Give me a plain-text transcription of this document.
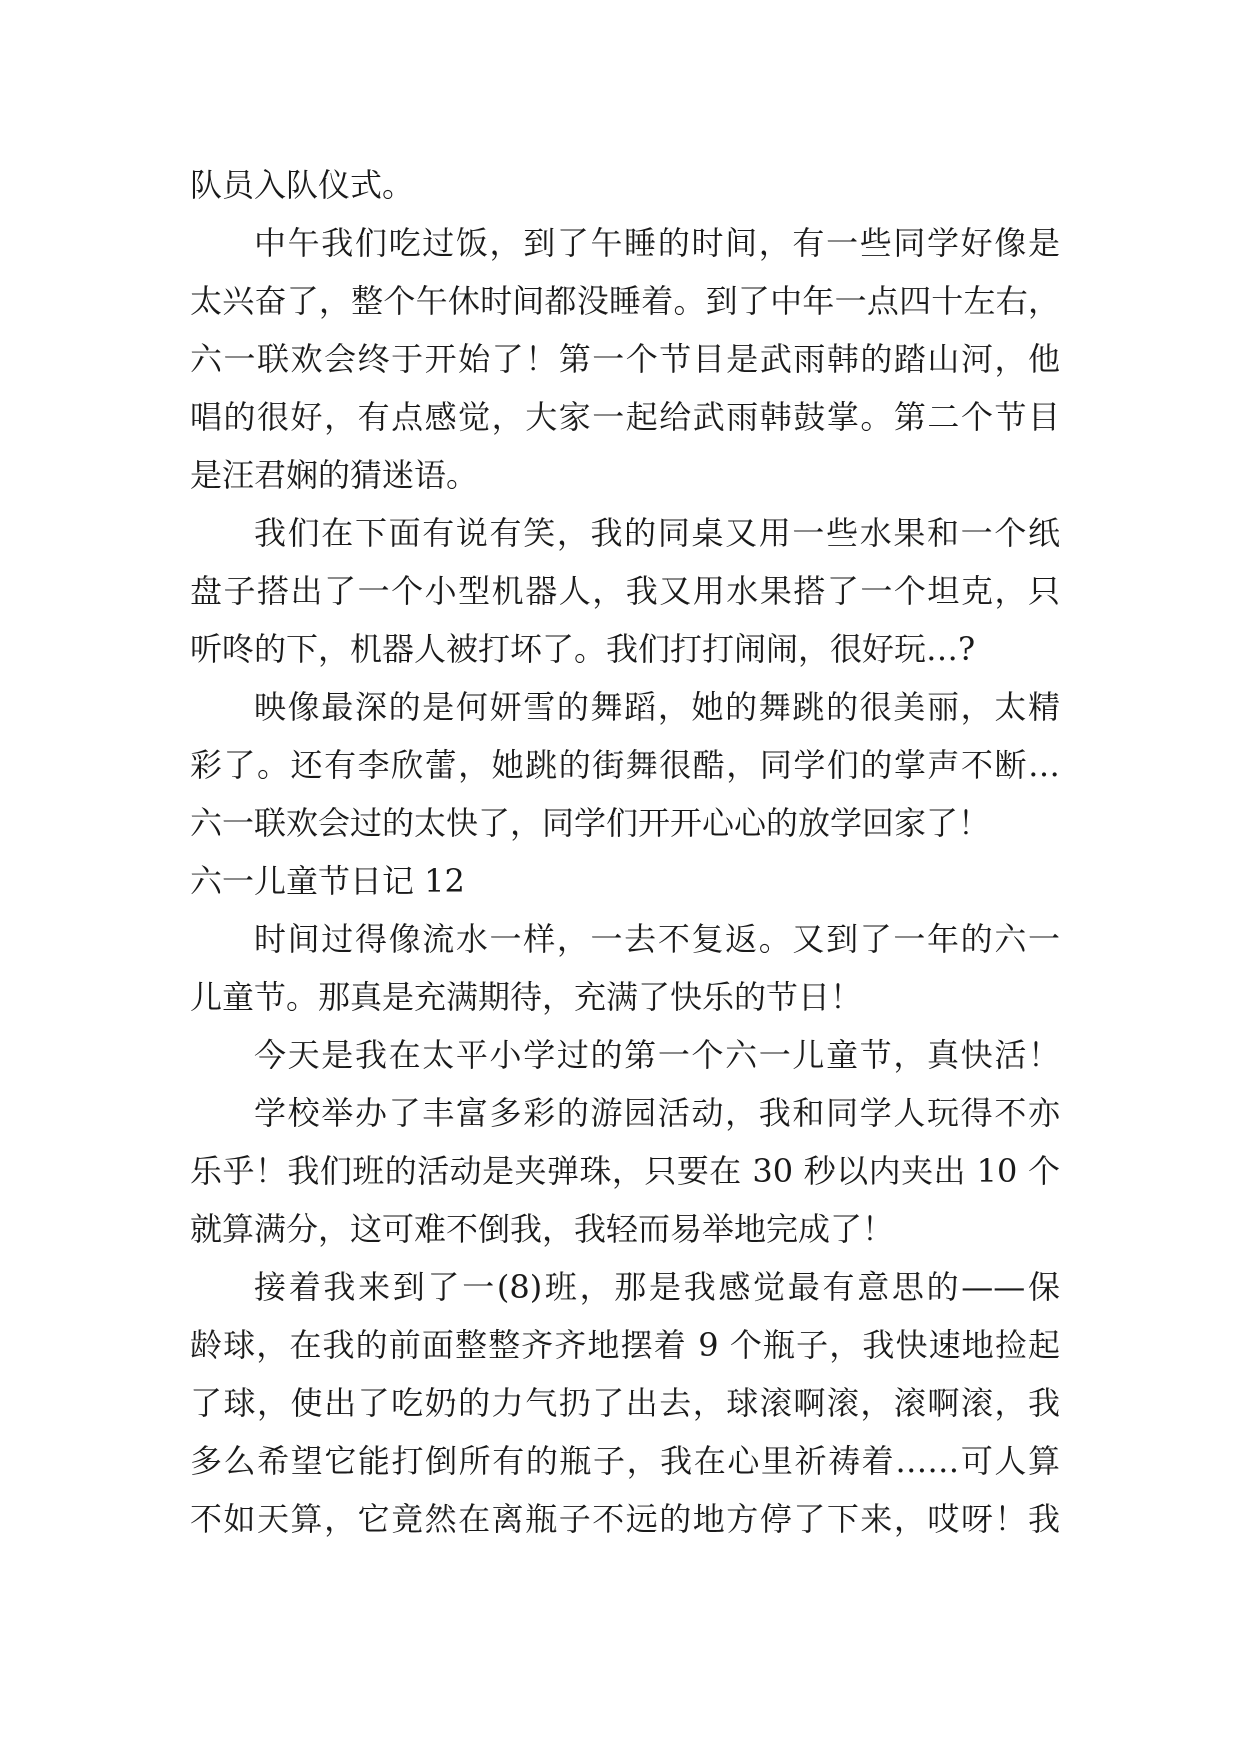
队员入队仪式。
中午我们吃过饭，到了午睡的时间，有一些同学好像是
太兴奋了，整个午休时间都没睡着。到了中年一点四十左右，
六一联欢会终于开始了！第一个节目是武雨韩的踏山河，他
唱的很好，有点感觉，大家一起给武雨韩鼓掌。第二个节目
是汪君娴的猜迷语。
我们在下面有说有笑，我的同桌又用一些水果和一个纸
盘子搭出了一个小型机器人，我又用水果搭了一个坦克，只
听咚的下，机器人被打坏了。我们打打闹闹，很好玩…?
映像最深的是何妍雪的舞蹈，她的舞跳的很美丽，太精
彩了。还有李欣蕾，她跳的街舞很酷，同学们的掌声不断…
六一联欢会过的太快了，同学们开开心心的放学回家了！
六一儿童节日记 12
时间过得像流水一样，一去不复返。又到了一年的六一
儿童节。那真是充满期待，充满了快乐的节日！
今天是我在太平小学过的第一个六一儿童节，真快活！
学校举办了丰富多彩的游园活动，我和同学人玩得不亦
乐乎！我们班的活动是夹弹珠，只要在 30 秒以内夹出 10 个
就算满分，这可难不倒我，我轻而易举地完成了！
接着我来到了一(8)班，那是我感觉最有意思的——保
龄球，在我的前面整整齐齐地摆着 9 个瓶子，我快速地捡起
了球，使出了吃奶的力气扔了出去，球滚啊滚，滚啊滚，我
多么希望它能打倒所有的瓶子，我在心里祈祷着……可人算
不如天算，它竟然在离瓶子不远的地方停了下来，哎呀！我
